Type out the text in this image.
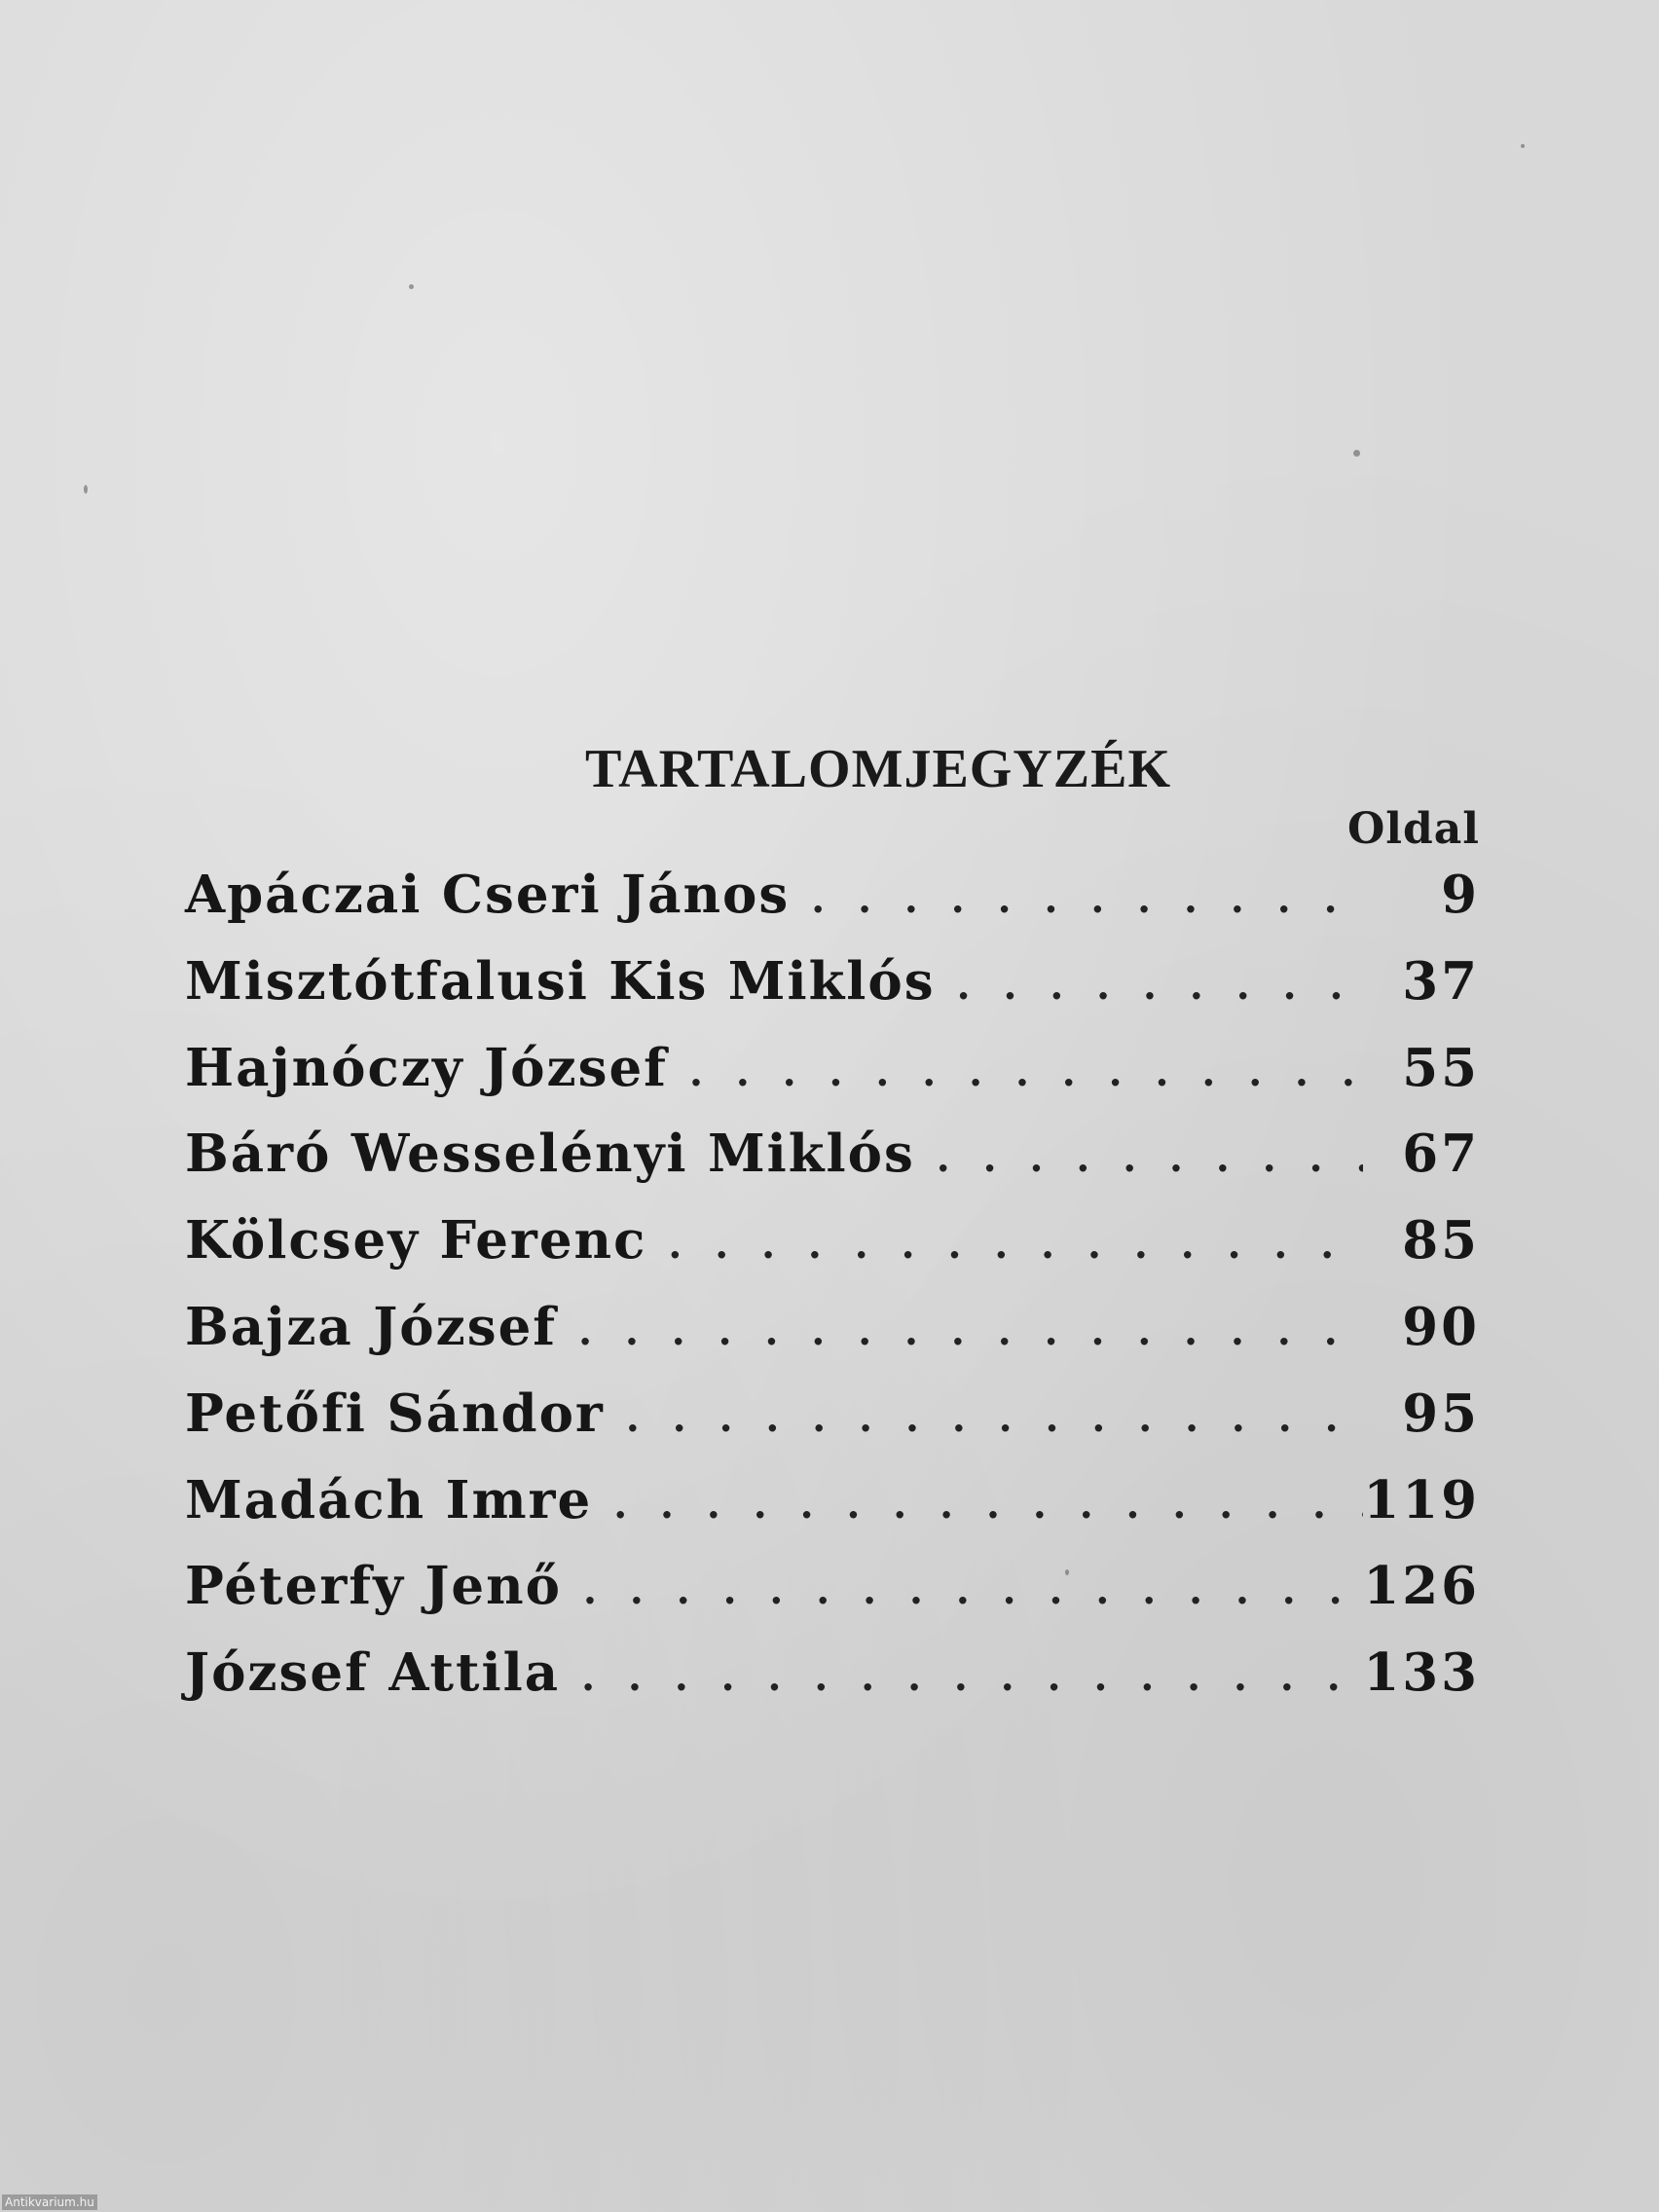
TARTALOMJEGYZÉK
Oldal
Apáczai Cseri János . . .	9
Misztótfalusi Kis Miklós . . .	37
Hajnóczy József . . .	55
Báró Wesselényi Miklós . . .	67
Kölcsey Ferenc . . .	85
Bajza József . . .	90
Petőfi Sándor . . .	95
Madách Imre . . .	119
Péterfy Jenő . . .	126
József Attila . . .	133
Antikvarium.hu
